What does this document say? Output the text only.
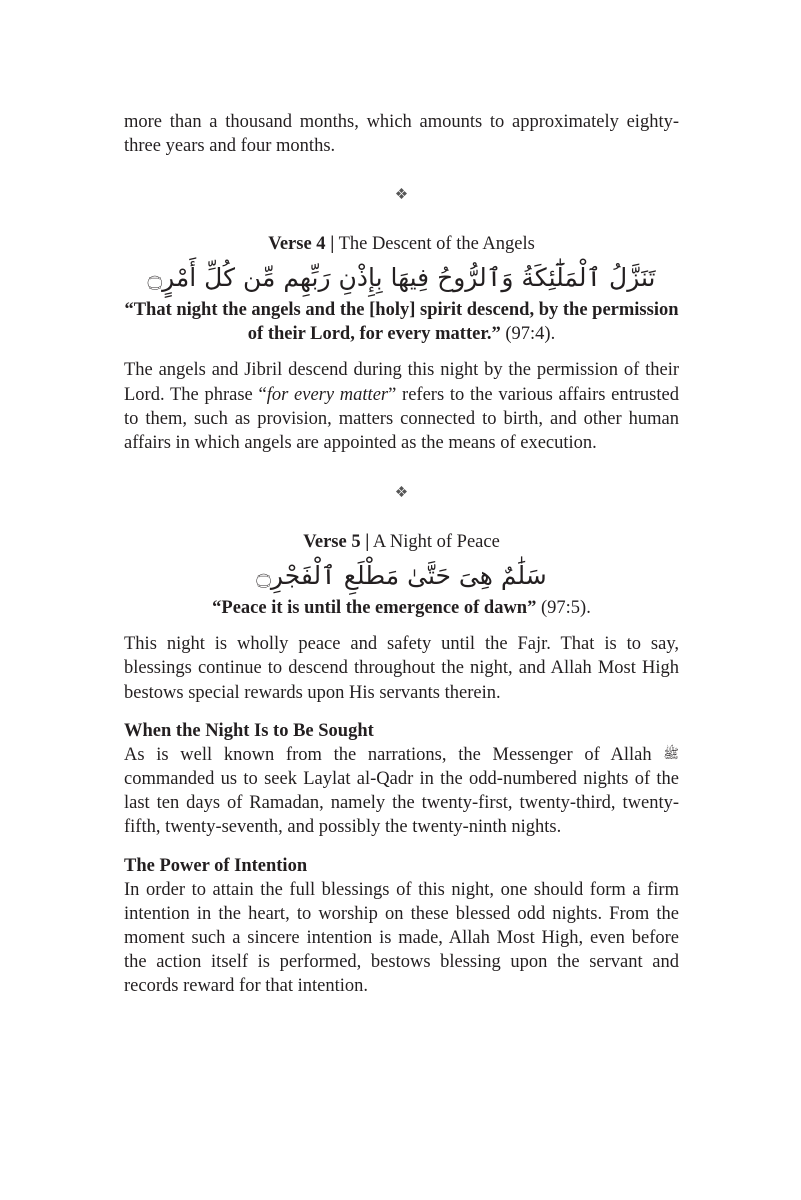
more than a thousand months, which amounts to approximately eighty-three years and four months.

❖

Verse 4 | The Descent of the Angels

تَنَزَّلُ ٱلْمَلَٰٓئِكَةُ وَٱلرُّوحُ فِيهَا بِإِذْنِ رَبِّهِم مِّن كُلِّ أَمْرٍ۝

“That night the angels and the [holy] spirit descend, by the permission of their Lord, for every matter.” (97:4).

The angels and Jibril descend during this night by the permission of their Lord. The phrase “for every matter” refers to the various affairs entrusted to them, such as provision, matters connected to birth, and other human affairs in which angels are appointed as the means of execution.

❖

Verse 5 | A Night of Peace

سَلَٰمٌ هِىَ حَتَّىٰ مَطْلَعِ ٱلْفَجْرِ۝

“Peace it is until the emergence of dawn” (97:5).

This night is wholly peace and safety until the Fajr. That is to say, blessings continue to descend throughout the night, and Allah Most High bestows special rewards upon His servants therein.

When the Night Is to Be Sought

As is well known from the narrations, the Messenger of Allah ﷺ commanded us to seek Laylat al-Qadr in the odd-numbered nights of the last ten days of Ramadan, namely the twenty-first, twenty-third, twenty-fifth, twenty-seventh, and possibly the twenty-ninth nights.

The Power of Intention

In order to attain the full blessings of this night, one should form a firm intention in the heart, to worship on these blessed odd nights. From the moment such a sincere intention is made, Allah Most High, even before the action itself is performed, bestows blessing upon the servant and records reward for that intention.
